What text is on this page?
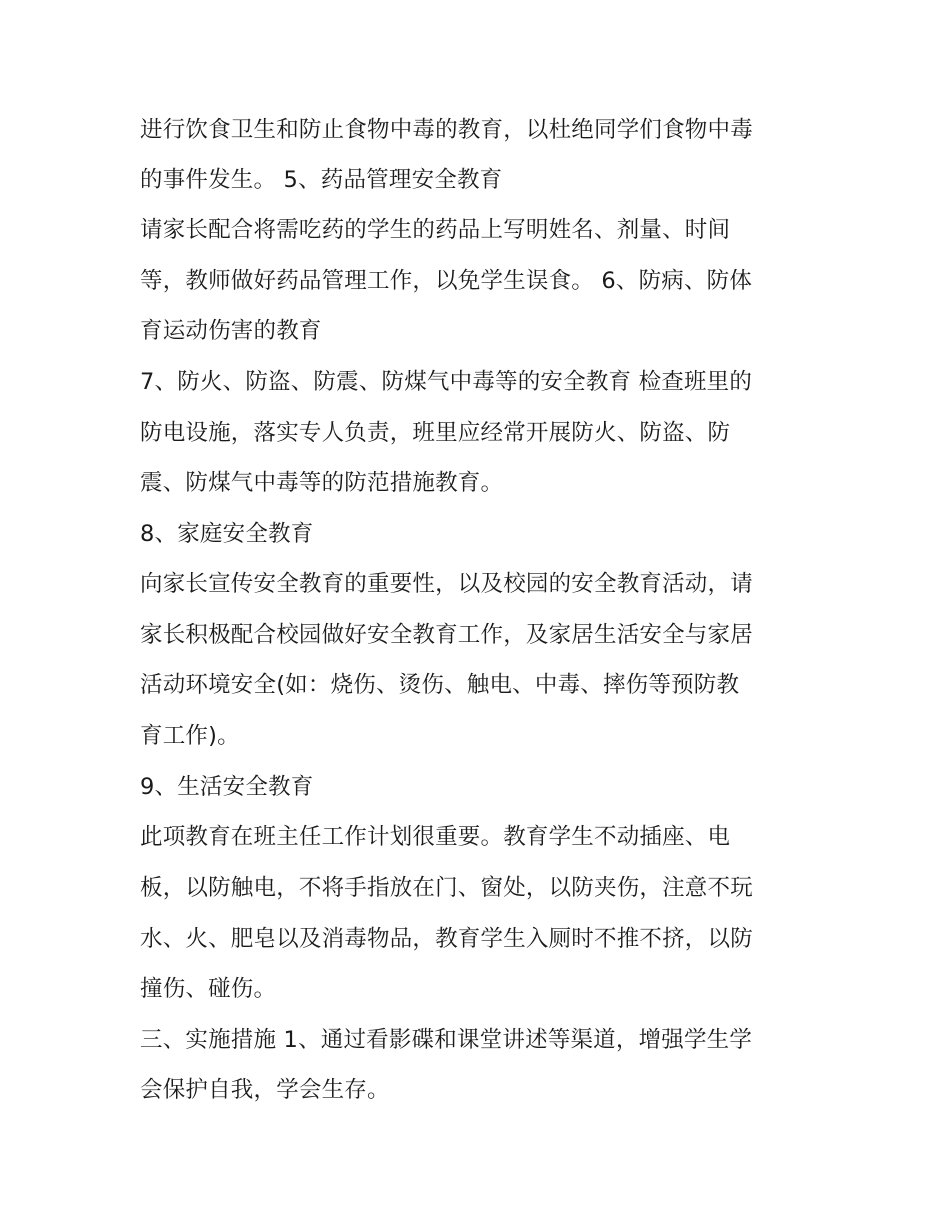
进行饮食卫生和防止食物中毒的教育，以杜绝同学们食物中毒
的事件发生。 5、药品管理安全教育
请家长配合将需吃药的学生的药品上写明姓名、剂量、时间
等，教师做好药品管理工作，以免学生误食。 6、防病、防体
育运动伤害的教育
7、防火、防盗、防震、防煤气中毒等的安全教育 检查班里的
防电设施，落实专人负责，班里应经常开展防火、防盗、防
震、防煤气中毒等的防范措施教育。
8、家庭安全教育
向家长宣传安全教育的重要性，以及校园的安全教育活动，请
家长积极配合校园做好安全教育工作，及家居生活安全与家居
活动环境安全(如：烧伤、烫伤、触电、中毒、摔伤等预防教
育工作)。
9、生活安全教育
此项教育在班主任工作计划很重要。教育学生不动插座、电
板，以防触电，不将手指放在门、窗处，以防夹伤，注意不玩
水、火、肥皂以及消毒物品，教育学生入厕时不推不挤，以防
撞伤、碰伤。
三、实施措施 1、通过看影碟和课堂讲述等渠道，增强学生学
会保护自我，学会生存。
